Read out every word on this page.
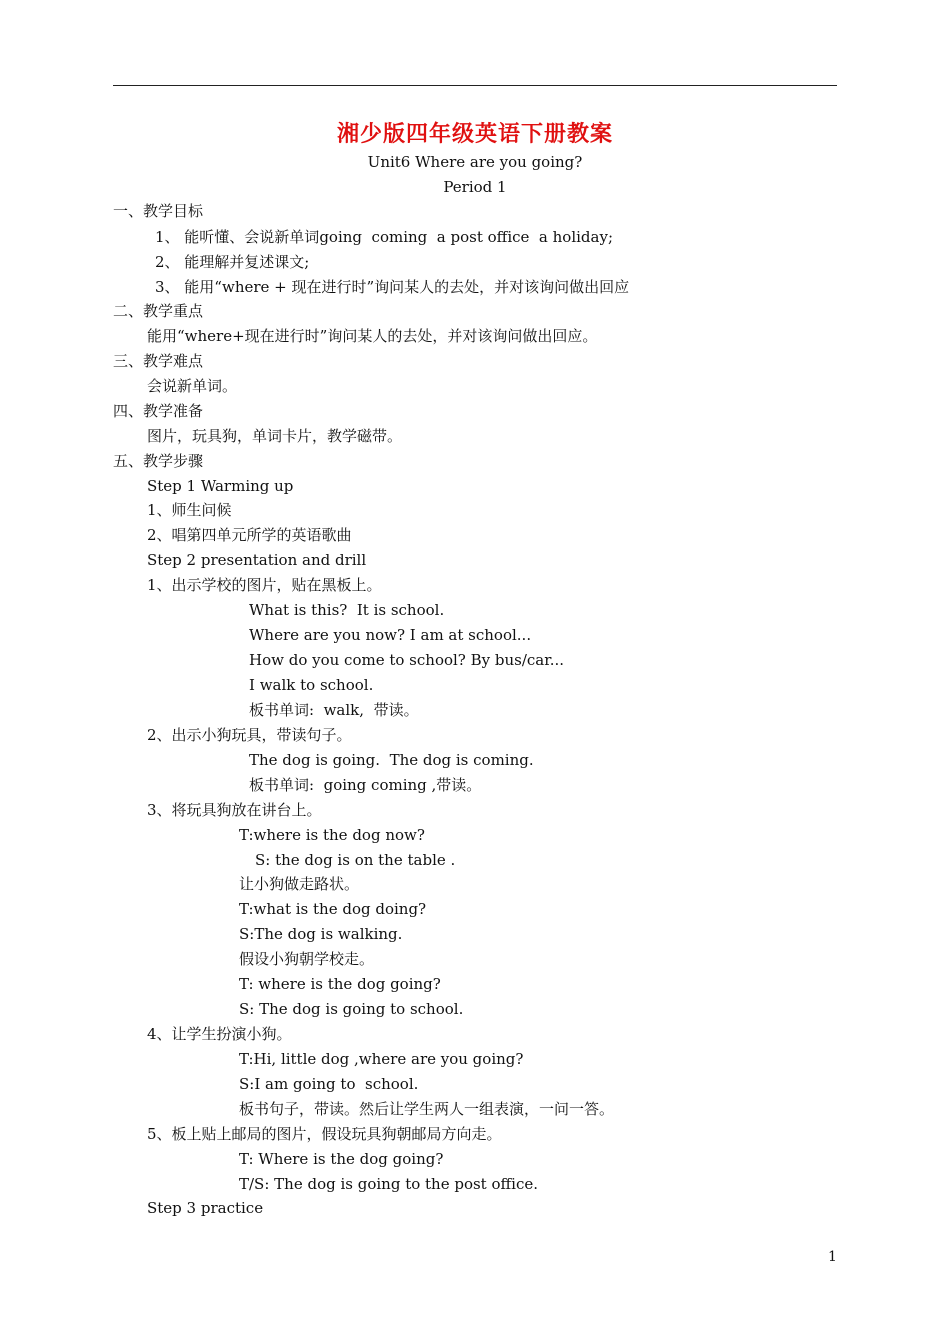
湘少版四年级英语下册教案
Unit6 Where are you going?
Period 1
一、教学目标
1、 能听懂、会说新单词going  coming  a post office  a holiday;
2、 能理解并复述课文;
3、 能用“where + 现在进行时”询问某人的去处，并对该询问做出回应
二、教学重点
能用“where+现在进行时”询问某人的去处，并对该询问做出回应。
三、教学难点
会说新单词。
四、教学准备
图片，玩具狗，单词卡片，教学磁带。
五、教学步骤
Step 1 Warming up
1、师生问候
2、唱第四单元所学的英语歌曲
Step 2 presentation and drill
1、出示学校的图片，贴在黑板上。
What is this?  It is school.
Where are you now? I am at school...
How do you come to school? By bus/car...
I walk to school.
板书单词:  walk,  带读。
2、出示小狗玩具，带读句子。
The dog is going.  The dog is coming.
板书单词:  going coming ,带读。
3、将玩具狗放在讲台上。
T:where is the dog now?
S: the dog is on the table .
让小狗做走路状。
T:what is the dog doing?
S:The dog is walking.
假设小狗朝学校走。
T: where is the dog going?
S: The dog is going to school.
4、让学生扮演小狗。
T:Hi, little dog ,where are you going?
S:I am going to  school.
板书句子，带读。然后让学生两人一组表演，一问一答。
5、板上贴上邮局的图片，假设玩具狗朝邮局方向走。
T: Where is the dog going?
T/S: The dog is going to the post office.
Step 3 practice
1
